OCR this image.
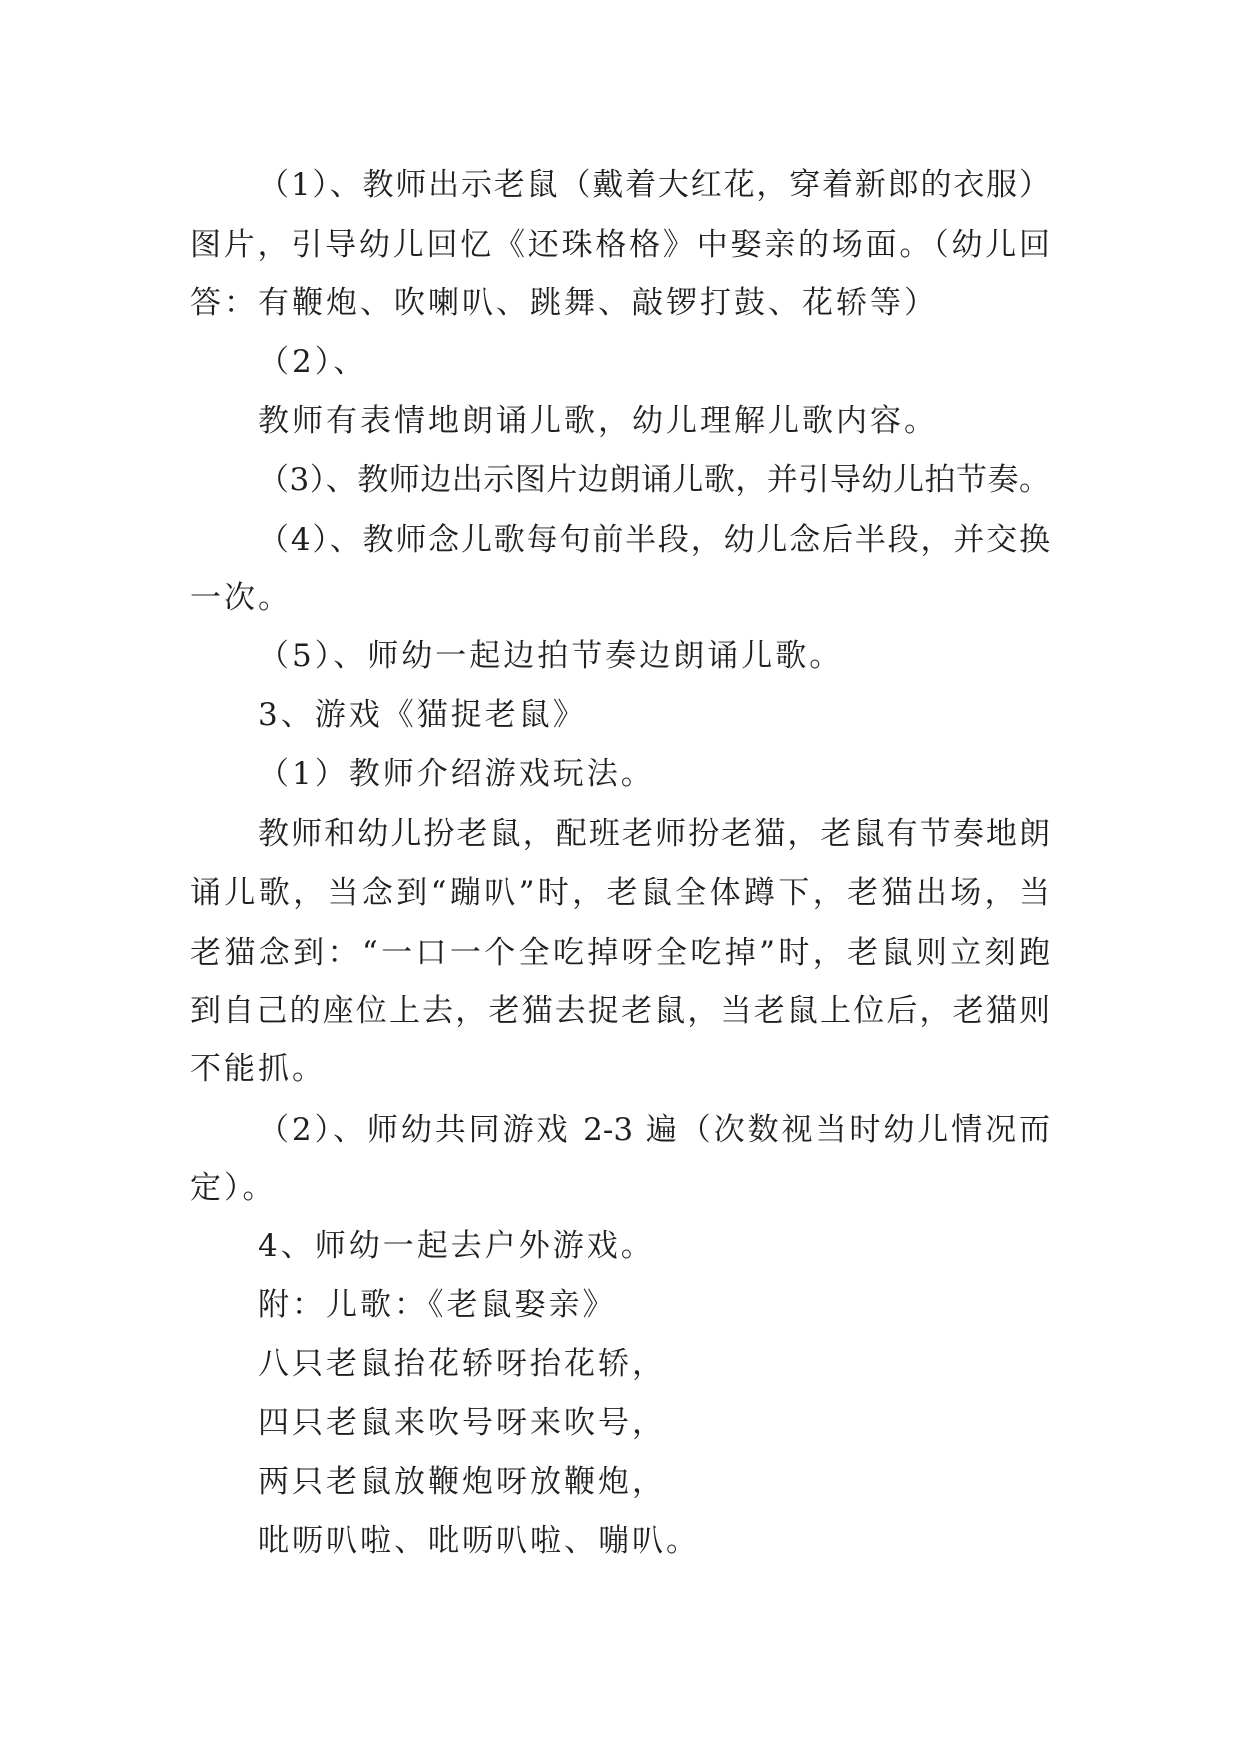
（1）、教师出示老鼠（戴着大红花，穿着新郎的衣服）
图片，引导幼儿回忆《还珠格格》中娶亲的场面。（幼儿回
答：有鞭炮、吹喇叭、跳舞、敲锣打鼓、花轿等）
（2）、
教师有表情地朗诵儿歌，幼儿理解儿歌内容。
（3）、教师边出示图片边朗诵儿歌，并引导幼儿拍节奏。
（4）、教师念儿歌每句前半段，幼儿念后半段，并交换
一次。
（5）、师幼一起边拍节奏边朗诵儿歌。
3、游戏《猫捉老鼠》
（1）教师介绍游戏玩法。
教师和幼儿扮老鼠，配班老师扮老猫，老鼠有节奏地朗
诵儿歌，当念到“蹦叭”时，老鼠全体蹲下，老猫出场，当
老猫念到：“一口一个全吃掉呀全吃掉”时，老鼠则立刻跑
到自己的座位上去，老猫去捉老鼠，当老鼠上位后，老猫则
不能抓。
（2）、师幼共同游戏 2-3 遍（次数视当时幼儿情况而
定）。
4、师幼一起去户外游戏。
附：儿歌：《老鼠娶亲》
八只老鼠抬花轿呀抬花轿，
四只老鼠来吹号呀来吹号，
两只老鼠放鞭炮呀放鞭炮，
吡呖叭啦、吡呖叭啦、嘣叭。
